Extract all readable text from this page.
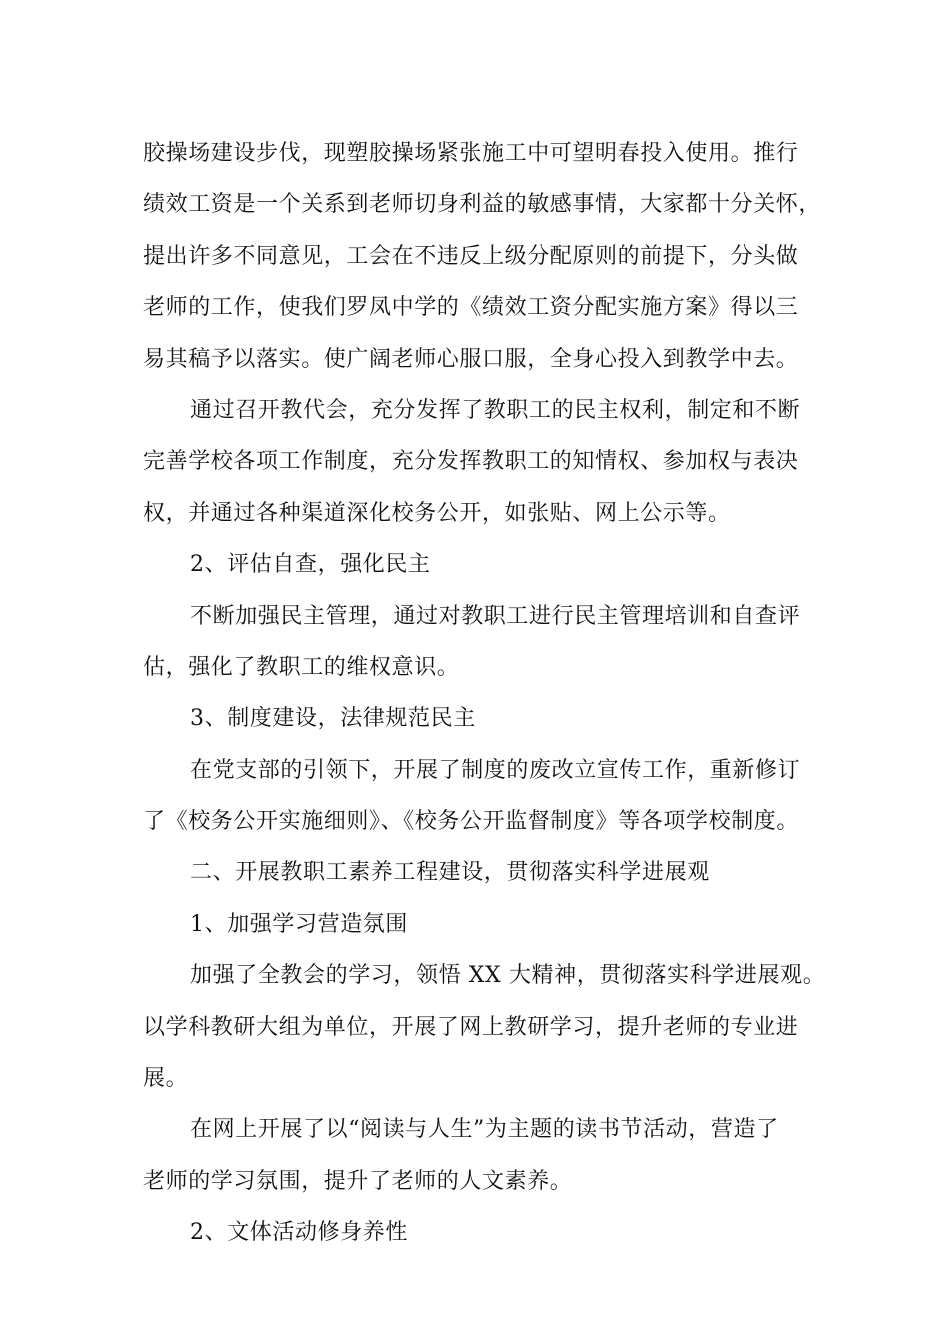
胶操场建设步伐，现塑胶操场紧张施工中可望明春投入使用。推行
绩效工资是一个关系到老师切身利益的敏感事情，大家都十分关怀，
提出许多不同意见，工会在不违反上级分配原则的前提下，分头做
老师的工作，使我们罗凤中学的《绩效工资分配实施方案》得以三
易其稿予以落实。使广阔老师心服口服，全身心投入到教学中去。
通过召开教代会，充分发挥了教职工的民主权利，制定和不断
完善学校各项工作制度，充分发挥教职工的知情权、参加权与表决
权，并通过各种渠道深化校务公开，如张贴、网上公示等。
2、评估自查，强化民主
不断加强民主管理，通过对教职工进行民主管理培训和自查评
估，强化了教职工的维权意识。
3、制度建设，法律规范民主
在党支部的引领下，开展了制度的废改立宣传工作，重新修订
了《校务公开实施细则》、《校务公开监督制度》等各项学校制度。
二、开展教职工素养工程建设，贯彻落实科学进展观
1、加强学习营造氛围
加强了全教会的学习，领悟 XX 大精神，贯彻落实科学进展观。
以学科教研大组为单位，开展了网上教研学习，提升老师的专业进
展。
在网上开展了以“阅读与人生”为主题的读书节活动，营造了
老师的学习氛围，提升了老师的人文素养。
2、文体活动修身养性
